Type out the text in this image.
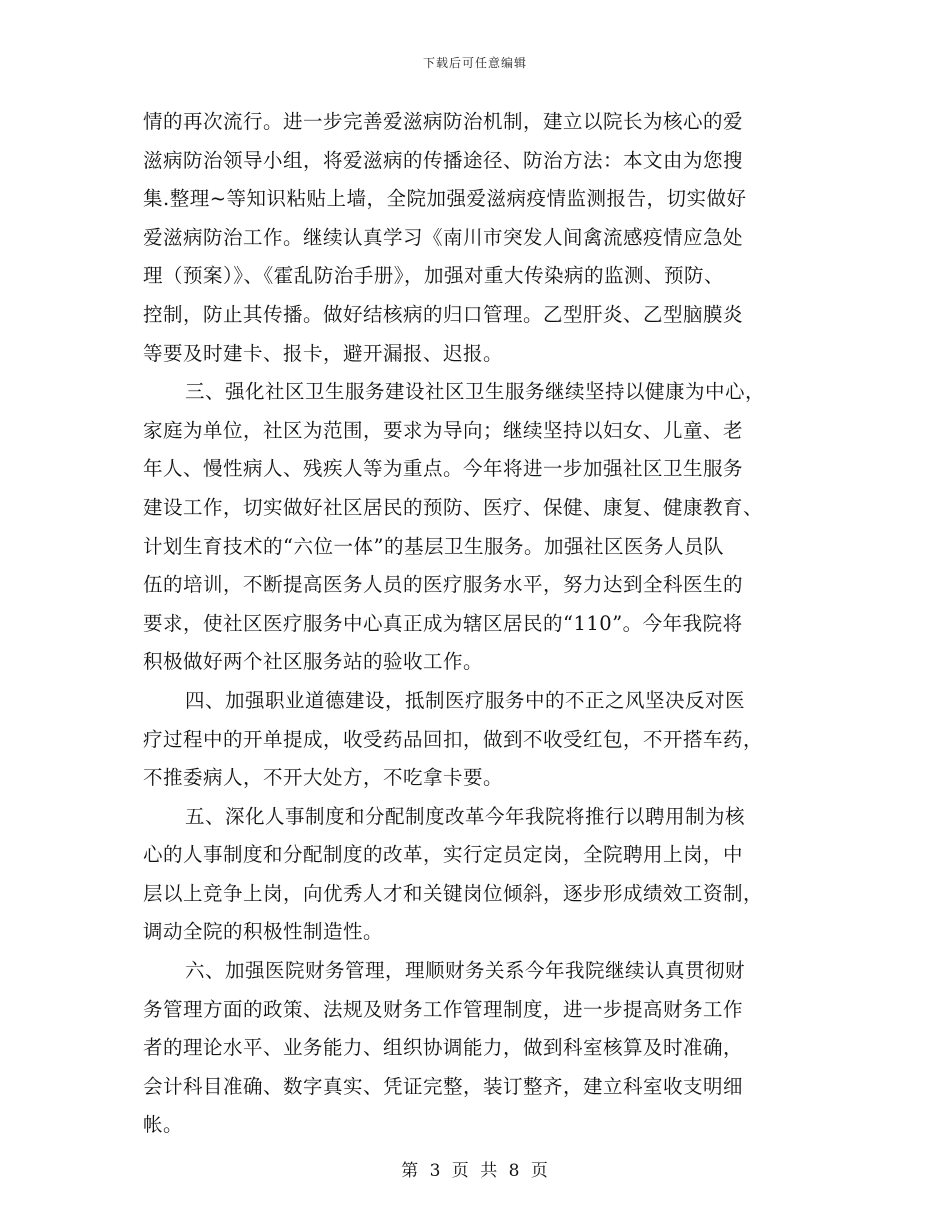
下载后可任意编辑
情的再次流行。进一步完善爱滋病防治机制，建立以院长为核心的爱
滋病防治领导小组，将爱滋病的传播途径、防治方法：本文由为您搜
集.整理~等知识粘贴上墙，全院加强爱滋病疫情监测报告，切实做好
爱滋病防治工作。继续认真学习《南川市突发人间禽流感疫情应急处
理（预案）》、《霍乱防治手册》，加强对重大传染病的监测、预防、
控制，防止其传播。做好结核病的归口管理。乙型肝炎、乙型脑膜炎
等要及时建卡、报卡，避开漏报、迟报。
三、强化社区卫生服务建设社区卫生服务继续坚持以健康为中心，
家庭为单位，社区为范围，要求为导向；继续坚持以妇女、儿童、老
年人、慢性病人、残疾人等为重点。今年将进一步加强社区卫生服务
建设工作，切实做好社区居民的预防、医疗、保健、康复、健康教育、
计划生育技术的“六位一体”的基层卫生服务。加强社区医务人员队
伍的培训，不断提高医务人员的医疗服务水平，努力达到全科医生的
要求，使社区医疗服务中心真正成为辖区居民的“110”。今年我院将
积极做好两个社区服务站的验收工作。
四、加强职业道德建设，抵制医疗服务中的不正之风坚决反对医
疗过程中的开单提成，收受药品回扣，做到不收受红包，不开搭车药，
不推委病人，不开大处方，不吃拿卡要。
五、深化人事制度和分配制度改革今年我院将推行以聘用制为核
心的人事制度和分配制度的改革，实行定员定岗，全院聘用上岗，中
层以上竞争上岗，向优秀人才和关键岗位倾斜，逐步形成绩效工资制，
调动全院的积极性制造性。
六、加强医院财务管理，理顺财务关系今年我院继续认真贯彻财
务管理方面的政策、法规及财务工作管理制度，进一步提高财务工作
者的理论水平、业务能力、组织协调能力，做到科室核算及时准确，
会计科目准确、数字真实、凭证完整，装订整齐，建立科室收支明细
帐。
第 3 页 共 8 页
